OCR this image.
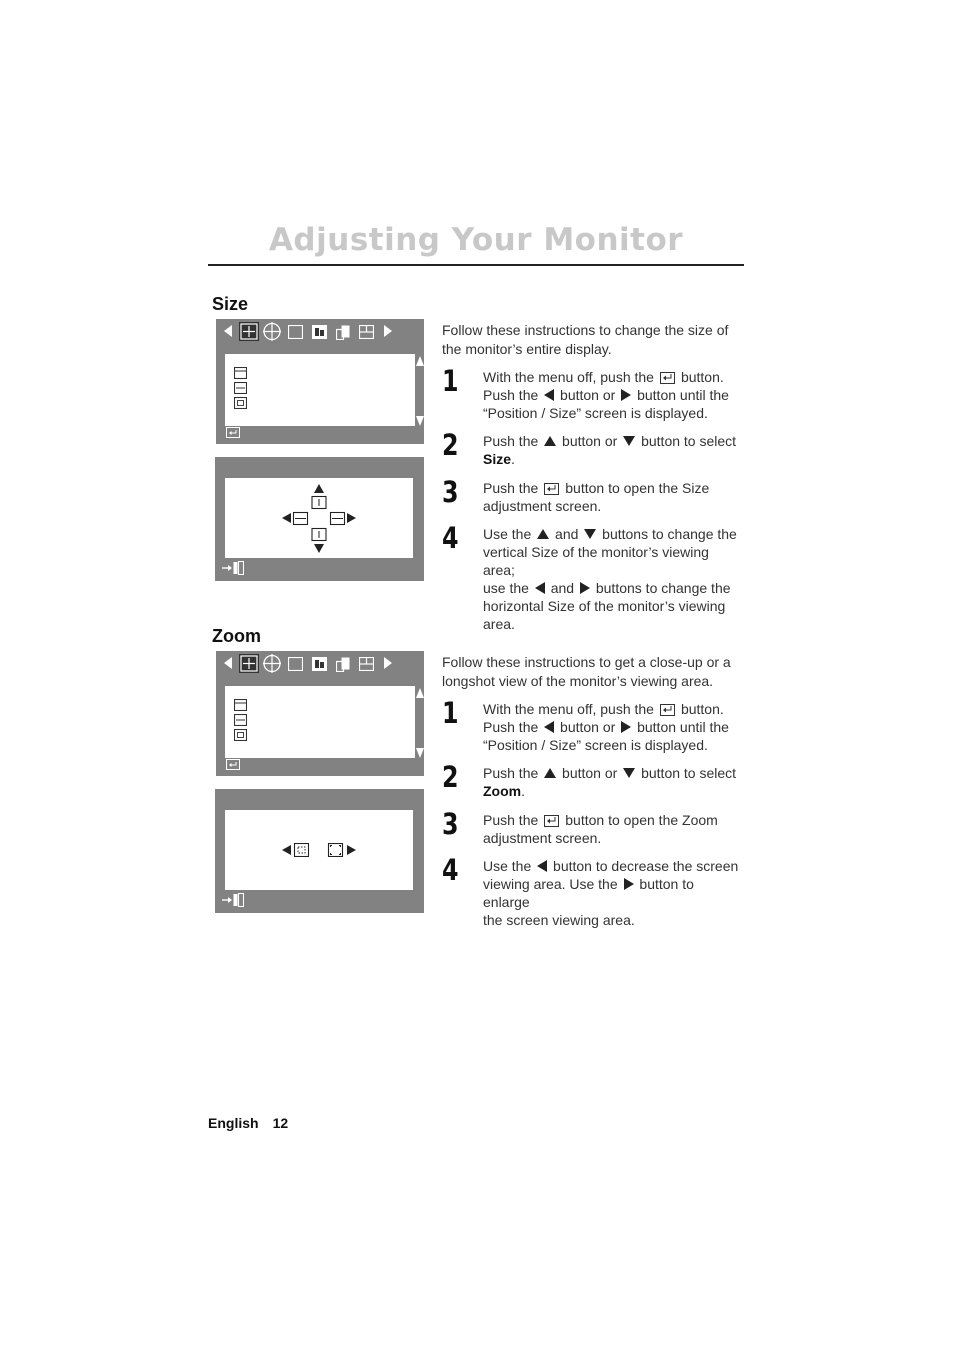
Adjusting Your Monitor
Size
Follow these instructions to change the size of the monitor’s entire display.
1 With the menu off, push the button.
Push the button or button until the
“Position / Size” screen is displayed.
2 Push the button or button to select
Size.
3 Push the button to open the Size
adjustment screen.
4 Use the and buttons to change the
vertical Size of the monitor’s viewing area;
use the and buttons to change the
horizontal Size of the monitor’s viewing
area.
Zoom
Follow these instructions to get a close-up or a longshot view of the monitor’s viewing area.
1 With the menu off, push the button.
Push the button or button until the
“Position / Size” screen is displayed.
2 Push the button or button to select
Zoom.
3 Push the button to open the Zoom
adjustment screen.
4 Use the button to decrease the screen
viewing area. Use the button to enlarge
the screen viewing area.
English 12
